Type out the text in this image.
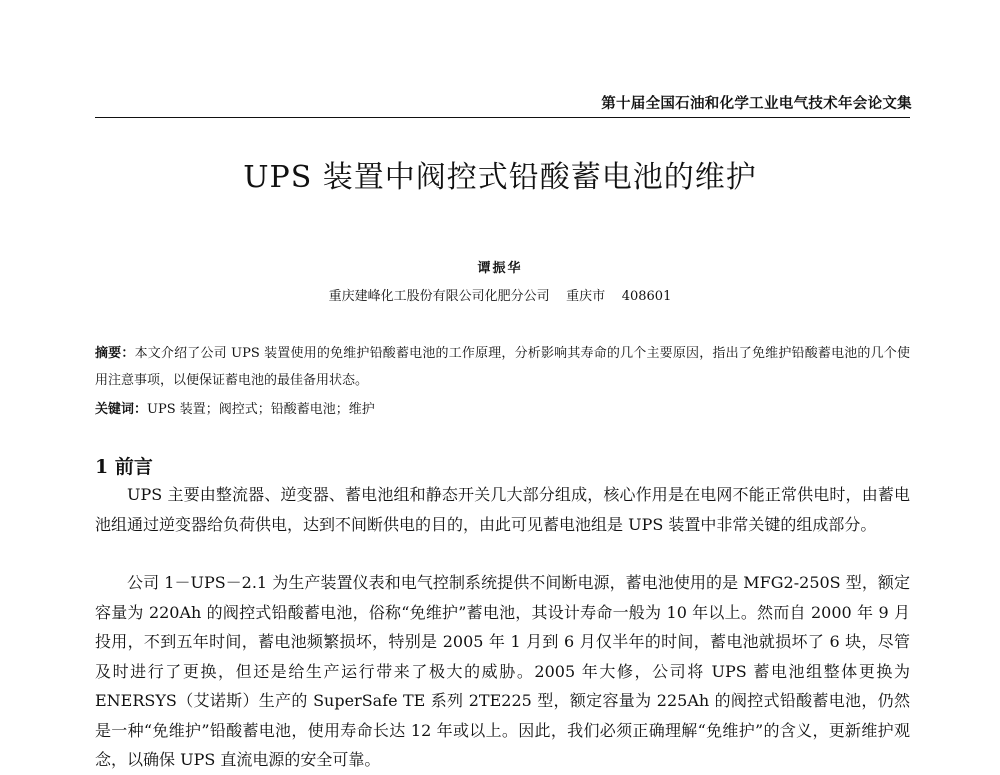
第十届全国石油和化学工业电气技术年会论文集
UPS 装置中阀控式铅酸蓄电池的维护
谭振华
重庆建峰化工股份有限公司化肥分公司    重庆市    408601
摘要：本文介绍了公司 UPS 装置使用的免维护铅酸蓄电池的工作原理，分析影响其寿命的几个主要原因，指出了免维护铅酸蓄电池的几个使用注意事项，以便保证蓄电池的最佳备用状态。
关键词：UPS 装置；阀控式；铅酸蓄电池；维护
1 前言
UPS 主要由整流器、逆变器、蓄电池组和静态开关几大部分组成，核心作用是在电网不能正常供电时，由蓄电池组通过逆变器给负荷供电，达到不间断供电的目的，由此可见蓄电池组是 UPS 装置中非常关键的组成部分。
公司 1－UPS－2.1 为生产装置仪表和电气控制系统提供不间断电源，蓄电池使用的是 MFG2-250S 型，额定容量为 220Ah 的阀控式铅酸蓄电池，俗称“免维护”蓄电池，其设计寿命一般为 10 年以上。然而自 2000 年 9 月投用，不到五年时间，蓄电池频繁损坏，特别是 2005 年 1 月到 6 月仅半年的时间，蓄电池就损坏了 6 块，尽管及时进行了更换，但还是给生产运行带来了极大的威胁。2005 年大修，公司将 UPS 蓄电池组整体更换为 ENERSYS（艾诺斯）生产的 SuperSafe TE 系列 2TE225 型，额定容量为 225Ah 的阀控式铅酸蓄电池，仍然是一种“免维护”铅酸蓄电池，使用寿命长达 12 年或以上。因此，我们必须正确理解“免维护”的含义，更新维护观念，以确保 UPS 直流电源的安全可靠。
